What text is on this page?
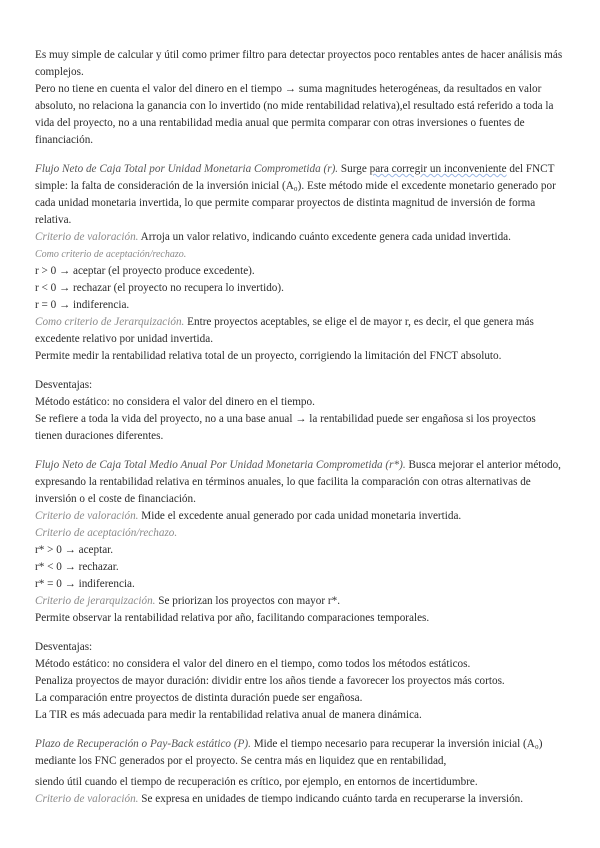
Es muy simple de calcular y útil como primer filtro para detectar proyectos poco rentables antes de hacer análisis más complejos.

Pero no tiene en cuenta el valor del dinero en el tiempo → suma magnitudes heterogéneas, da resultados en valor absoluto, no relaciona la ganancia con lo invertido (no mide rentabilidad relativa),el resultado está referido a toda la vida del proyecto, no a una rentabilidad media anual que permita comparar con otras inversiones o fuentes de financiación.

Flujo Neto de Caja Total por Unidad Monetaria Comprometida (r). Surge para corregir un inconveniente del FNCT simple: la falta de consideración de la inversión inicial (A₀). Este método mide el excedente monetario generado por cada unidad monetaria invertida, lo que permite comparar proyectos de distinta magnitud de inversión de forma relativa.

Criterio de valoración. Arroja un valor relativo, indicando cuánto excedente genera cada unidad invertida.

Como criterio de aceptación/rechazo.

r > 0 → aceptar (el proyecto produce excedente).

r < 0 → rechazar (el proyecto no recupera lo invertido).

r = 0 → indiferencia.

Como criterio de Jerarquización. Entre proyectos aceptables, se elige el de mayor r, es decir, el que genera más excedente relativo por unidad invertida.

Permite medir la rentabilidad relativa total de un proyecto, corrigiendo la limitación del FNCT absoluto.

Desventajas:

Método estático: no considera el valor del dinero en el tiempo.

Se refiere a toda la vida del proyecto, no a una base anual → la rentabilidad puede ser engañosa si los proyectos tienen duraciones diferentes.

Flujo Neto de Caja Total Medio Anual Por Unidad Monetaria Comprometida (r*). Busca mejorar el anterior método, expresando la rentabilidad relativa en términos anuales, lo que facilita la comparación con otras alternativas de inversión o el coste de financiación.

Criterio de valoración. Mide el excedente anual generado por cada unidad monetaria invertida.

Criterio de aceptación/rechazo.

r* > 0 → aceptar.

r* < 0 → rechazar.

r* = 0 → indiferencia.

Criterio de jerarquización. Se priorizan los proyectos con mayor r*.

Permite observar la rentabilidad relativa por año, facilitando comparaciones temporales.

Desventajas:

Método estático: no considera el valor del dinero en el tiempo, como todos los métodos estáticos.

Penaliza proyectos de mayor duración: dividir entre los años tiende a favorecer los proyectos más cortos.

La comparación entre proyectos de distinta duración puede ser engañosa.

La TIR es más adecuada para medir la rentabilidad relativa anual de manera dinámica.

Plazo de Recuperación o Pay-Back estático (P). Mide el tiempo necesario para recuperar la inversión inicial (A₀) mediante los FNC generados por el proyecto. Se centra más en liquidez que en rentabilidad,

siendo útil cuando el tiempo de recuperación es crítico, por ejemplo, en entornos de incertidumbre.

Criterio de valoración. Se expresa en unidades de tiempo indicando cuánto tarda en recuperarse la inversión.
